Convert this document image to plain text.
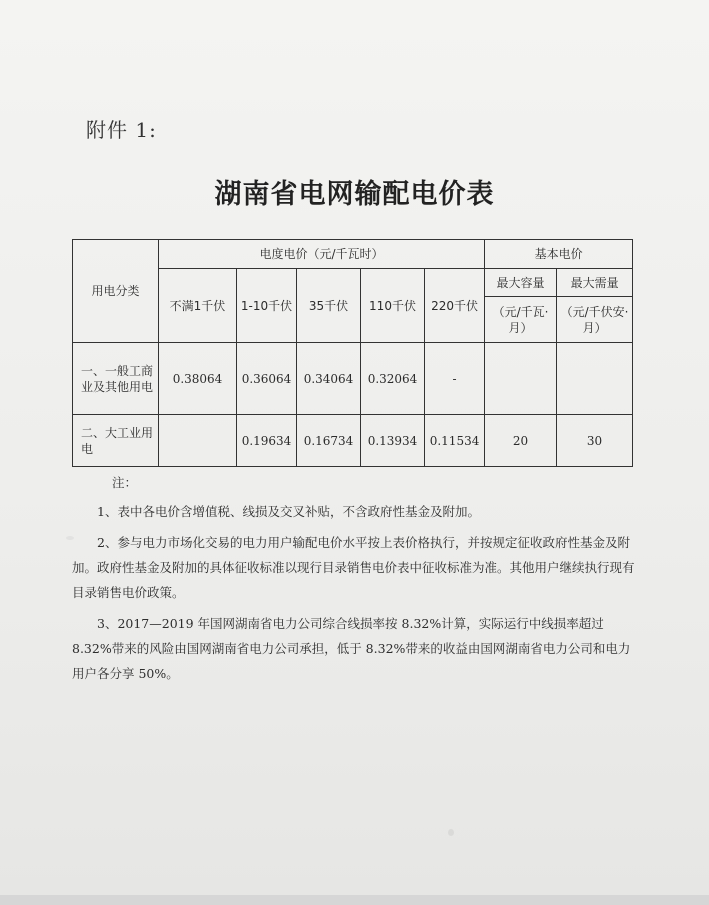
附件 1:
湖南省电网输配电价表
用电分类	电度电价（元/千瓦时）					基本电价	
	不满1千伏	1-10千伏	35千伏	110千伏	220千伏	最大容量	最大需量
						（元/千瓦·月）	（元/千伏安·月）
一、一般工商业及其他用电	0.38064	0.36064	0.34064	0.32064	-		
二、大工业用电		0.19634	0.16734	0.13934	0.11534	20	30

注：

1、表中各电价含增值税、线损及交叉补贴，不含政府性基金及附加。

2、参与电力市场化交易的电力用户输配电价水平按上表价格执行，并按规定征收政府性基金及附加。政府性基金及附加的具体征收标准以现行目录销售电价表中征收标准为准。其他用户继续执行现有目录销售电价政策。

3、2017—2019 年国网湖南省电力公司综合线损率按 8.32%计算，实际运行中线损率超过 8.32%带来的风险由国网湖南省电力公司承担，低于 8.32%带来的收益由国网湖南省电力公司和电力用户各分享 50%。
